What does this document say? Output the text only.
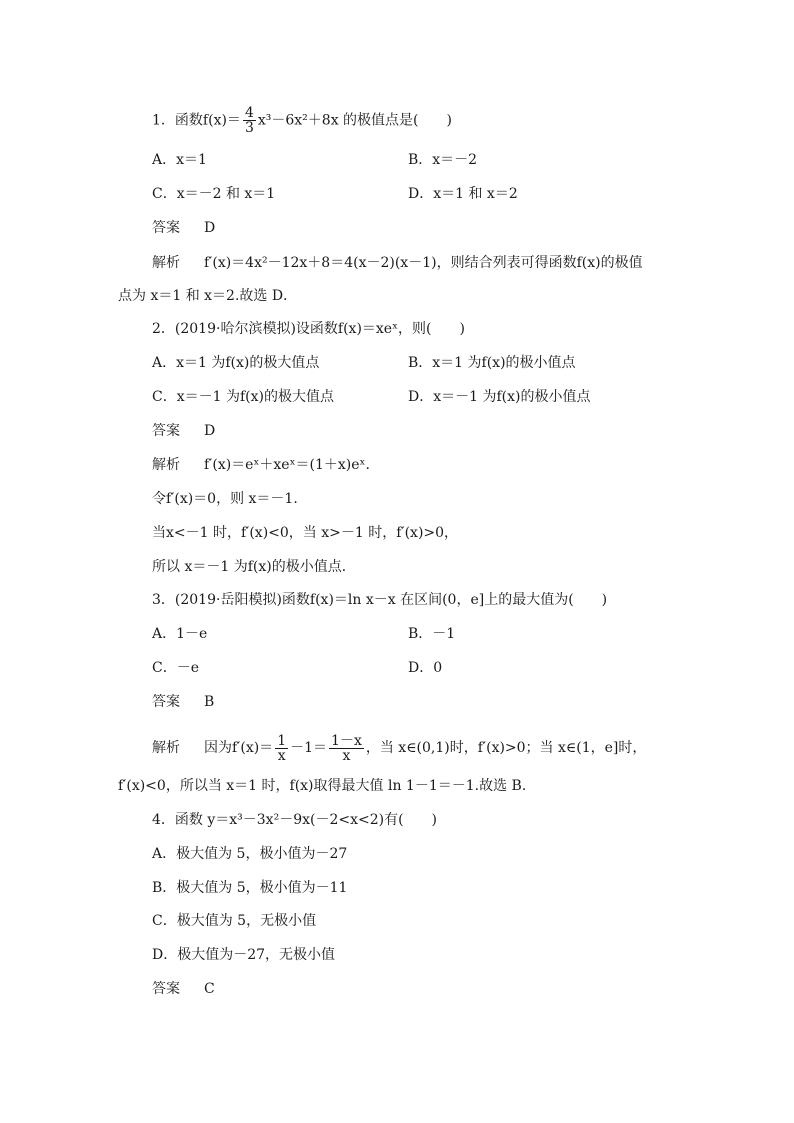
1．函数$f(x)= \frac{4}{3} x^3-6x^2+8x$ 的极值点是(　　)
A．x＝1	B．x＝－2
C．x＝－2 和 x＝1	D．x＝1 和 x＝2
答案 D
解析 f′(x)＝4x²－12x＋8＝4(x－2)(x－1)，则结合列表可得函数f(x)的极值
点为 x＝1 和 x＝2.故选 D．
2．(2019·哈尔滨模拟)设函数f(x)＝xeˣ，则(　　)
A．x＝1 为f(x)的极大值点	B．x＝1 为f(x)的极小值点
C．x＝－1 为f(x)的极大值点	D．x＝－1 为f(x)的极小值点
答案 D
解析 f′(x)＝eˣ＋xeˣ＝(1＋x)eˣ.
令f′(x)＝0，则 x＝－1.
当x<－1 时，f′(x)<0，当 x>－1 时，f′(x)>0，
所以 x＝－1 为f(x)的极小值点．
3．(2019·岳阳模拟)函数f(x)＝ln x－x 在区间(0，e]上的最大值为(　　)
A．1－e	B．－1
C．－e	D．0
答案 B
解析 因为$f'(x)= \frac{1}{x} -1= \frac{1-x}{x}$ ，当 x∈(0,1)时，f′(x)>0；当 x∈(1，e]时，
f′(x)<0，所以当 x＝1 时，f(x)取得最大值 ln 1－1＝－1.故选 B．
4．函数 y＝x³－3x²－9x(－2<x<2)有(　　)
A．极大值为 5，极小值为－27
B．极大值为 5，极小值为－11
C．极大值为 5，无极小值
D．极大值为－27，无极小值
答案 C
